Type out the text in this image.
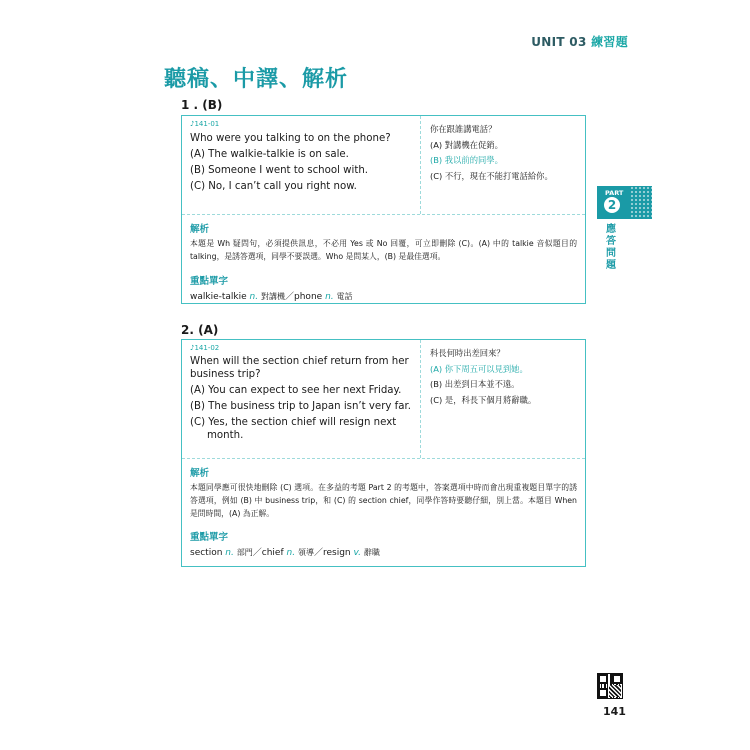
UNIT 03 練習題
聽稿、中譯、解析
1 . (B)
♪141-01
Who were you talking to on the phone?
(A) The walkie-talkie is on sale.
(B) Someone I went to school with.
(C) No, I can’t call you right now.
你在跟誰講電話？
(A) 對講機在促銷。
(B) 我以前的同學。
(C) 不行，現在不能打電話給你。
解析
本題是 Wh 疑問句，必須提供訊息，不必用 Yes 或 No 回覆，可立即刪除 (C)。(A) 中的 talkie 音似題目的 talking，是誘答選項，同學不要誤選。Who 是問某人，(B) 是最佳選項。
重點單字
walkie-talkie n. 對講機／phone n. 電話
2. (A)
♪141-02
When will the section chief return from her
business trip?
(A) You can expect to see her next Friday.
(B) The business trip to Japan isn’t very far.
(C) Yes, the section chief will resign next
month.
科長何時出差回來？
(A) 你下周五可以見到她。
(B) 出差到日本並不遠。
(C) 是，科長下個月將辭職。
解析
本題同學應可很快地刪除 (C) 選項。在多益的考題 Part 2 的考題中，答案選項中時而會出現重複題目單字的誘答選項，例如 (B) 中 business trip，和 (C) 的 section chief，同學作答時要聽仔細，別上當。本題目 When 是問時間，(A) 為正解。
重點單字
section n. 部門／chief n. 領導／resign v. 辭職
PART
2
應
答
問
題
141
